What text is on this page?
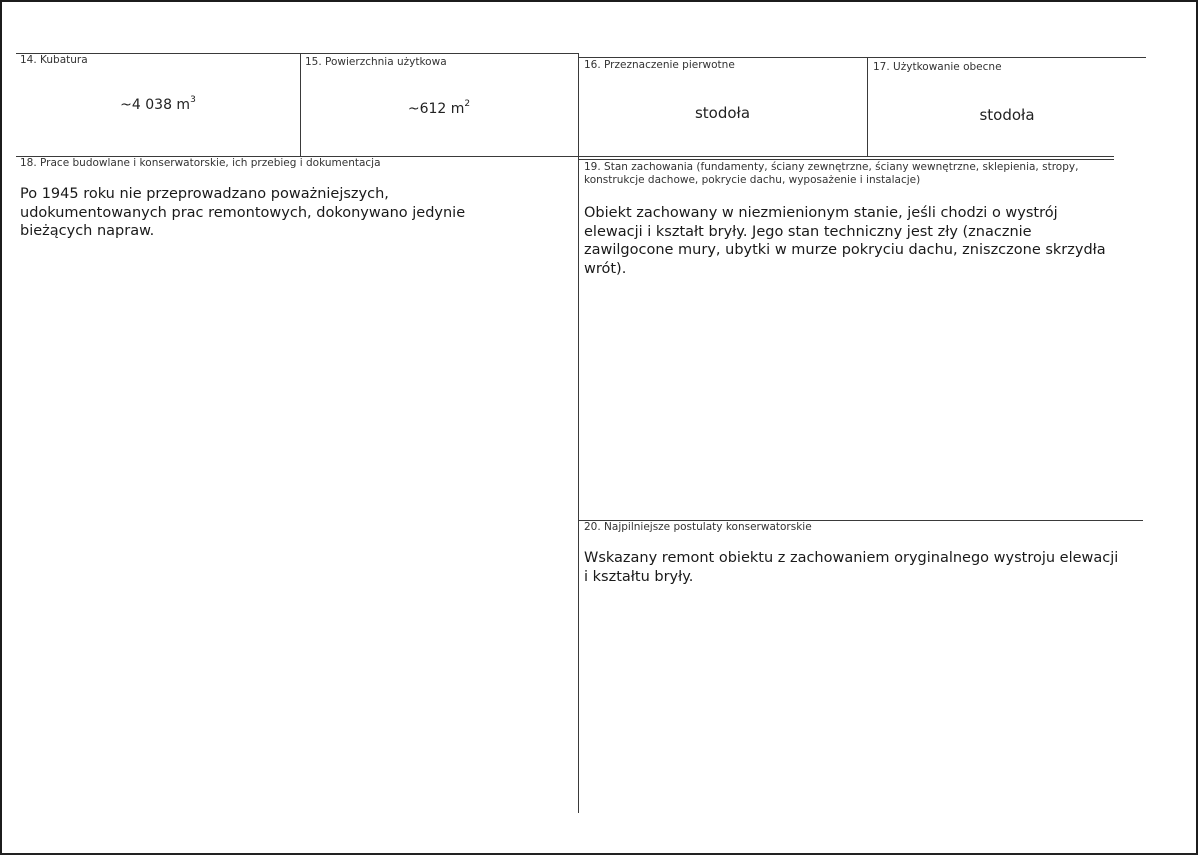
14. Kubatura
~4 038 $m^3$
15. Powierzchnia użytkowa
~612 $m^2$
16. Przeznaczenie pierwotne
stodoła
17. Użytkowanie obecne
stodoła
18. Prace budowlane i konserwatorskie, ich przebieg i dokumentacja
Po 1945 roku nie przeprowadzano poważniejszych, udokumentowanych prac remontowych, dokonywano jedynie bieżących napraw.
19. Stan zachowania (fundamenty, ściany zewnętrzne, ściany wewnętrzne, sklepienia, stropy, konstrukcje dachowe, pokrycie dachu, wyposażenie i instalacje)
Obiekt zachowany w niezmienionym stanie, jeśli chodzi o wystrój elewacji i kształt bryły. Jego stan techniczny jest zły (znacznie zawilgocone mury, ubytki w murze pokryciu dachu, zniszczone skrzydła wrót).
20. Najpilniejsze postulaty konserwatorskie
Wskazany remont obiektu z zachowaniem oryginalnego wystroju elewacji i kształtu bryły.
